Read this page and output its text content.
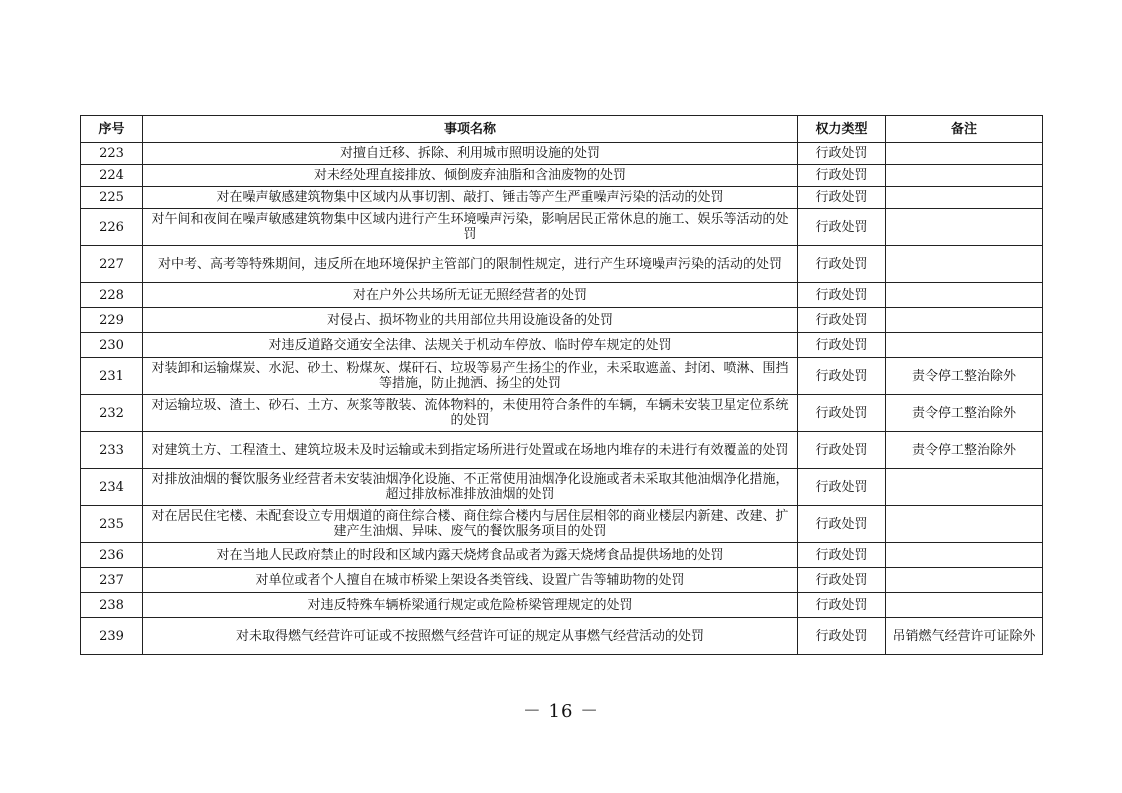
序号	事项名称	权力类型	备注
223	对擅自迁移、拆除、利用城市照明设施的处罚	行政处罚	
224	对未经处理直接排放、倾倒废弃油脂和含油废物的处罚	行政处罚	
225	对在噪声敏感建筑物集中区域内从事切割、敲打、锤击等产生严重噪声污染的活动的处罚	行政处罚	
226	对午间和夜间在噪声敏感建筑物集中区域内进行产生环境噪声污染，影响居民正常休息的施工、娱乐等活动的处罚	行政处罚	
227	对中考、高考等特殊期间，违反所在地环境保护主管部门的限制性规定，进行产生环境噪声污染的活动的处罚	行政处罚	
228	对在户外公共场所无证无照经营者的处罚	行政处罚	
229	对侵占、损坏物业的共用部位共用设施设备的处罚	行政处罚	
230	对违反道路交通安全法律、法规关于机动车停放、临时停车规定的处罚	行政处罚	
231	对装卸和运输煤炭、水泥、砂土、粉煤灰、煤矸石、垃圾等易产生扬尘的作业，未采取遮盖、封闭、喷淋、围挡等措施，防止抛洒、扬尘的处罚	行政处罚	责令停工整治除外
232	对运输垃圾、渣土、砂石、土方、灰浆等散装、流体物料的，未使用符合条件的车辆，车辆未安装卫星定位系统的处罚	行政处罚	责令停工整治除外
233	对建筑土方、工程渣土、建筑垃圾未及时运输或未到指定场所进行处置或在场地内堆存的未进行有效覆盖的处罚	行政处罚	责令停工整治除外
234	对排放油烟的餐饮服务业经营者未安装油烟净化设施、不正常使用油烟净化设施或者未采取其他油烟净化措施，超过排放标准排放油烟的处罚	行政处罚	
235	对在居民住宅楼、未配套设立专用烟道的商住综合楼、商住综合楼内与居住层相邻的商业楼层内新建、改建、扩建产生油烟、异味、废气的餐饮服务项目的处罚	行政处罚	
236	对在当地人民政府禁止的时段和区域内露天烧烤食品或者为露天烧烤食品提供场地的处罚	行政处罚	
237	对单位或者个人擅自在城市桥梁上架设各类管线、设置广告等辅助物的处罚	行政处罚	
238	对违反特殊车辆桥梁通行规定或危险桥梁管理规定的处罚	行政处罚	
239	对未取得燃气经营许可证或不按照燃气经营许可证的规定从事燃气经营活动的处罚	行政处罚	吊销燃气经营许可证除外
－ 16 －
